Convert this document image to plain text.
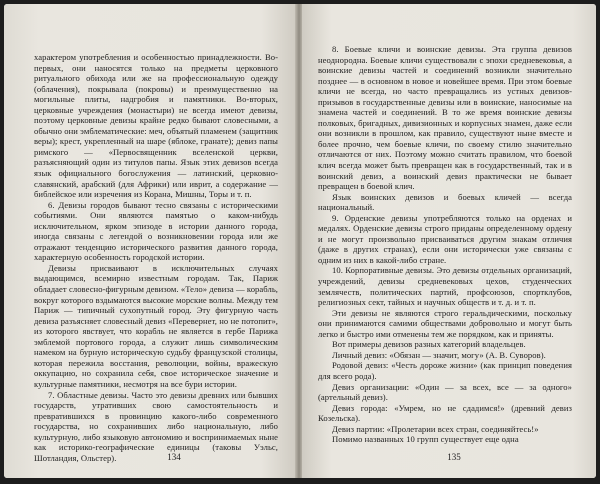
характером употребления и особенностью принадлежности. Во-первых, они наносятся только на предметы церковного ритуального обихода или же на профессиональную одежду (облачения), покрывала (покровы) и преимущественно на могильные плиты, надгробия и памятники. Во-вторых, церковные учреждения (монастыри) не всегда имеют девизы, поэтому церковные девизы крайне редко бывают словесными, а обычно они эмблематические: меч, объятый пламенем (защитник веры); крест, укрепленный на шаре (яблоке, гранате); девиз папы римского — «Первосвященник вселенской церкви, разъясняющий один из титулов папы. Язык этих девизов всегда язык официального богослужения — латинский, церковно-славянский, арабский (для Африки) или иврит, а содержание — библейское или изречения из Корана, Мишны, Торы и т. п.

6. Девизы городов бывают тесно связаны с историческими событиями. Они являются памятью о каком-нибудь исключительном, ярком эпизоде в истории данного города, иногда связаны с легендой о возникновении города или же отражают тенденцию исторического развития данного города, характерную особенность городской истории.

Девизы присваивают в исключительных случаях выдающимся, всемирно известным городам. Так, Париж обладает словесно-фигурным девизом. «Тело» девиза — корабль, вокруг которого вздымаются высокие морские волны. Между тем Париж — типичный сухопутный город. Эту фигурную часть девиза разъясняет словесный девиз «Перевернет, но не потопит», из которого явствует, что корабль не является в гербе Парижа эмблемой портового города, а служит лишь символическим намеком на бурную историческую судьбу французской столицы, которая пережила восстания, революции, войны, вражескую оккупацию, но сохранила себя, свое историческое значение и культурные памятники, несмотря на все бури истории.

7. Областные девизы. Часто это девизы древних или бывших государств, утративших свою самостоятельность и превратившихся в провинцию какого-либо современного государства, но сохранивших либо национальную, либо культурную, либо языковую автономию и воспринимаемых ныне как историко-географические единицы (таковы Уэльс, Шотландия, Ольстер).	134

8. Боевые кличи и воинские девизы. Эта группа девизов неоднородна. Боевые кличи существовали с эпохи средневековья, а воинские девизы частей и соединений возникли значительно позднее — в основном в новое и новейшее время. При этом боевые кличи не всегда, но часто превращались из устных девизов-призывов в государственные девизы или в воинские, наносимые на знамена частей и соединений. В то же время воинские девизы полковых, бригадных, дивизионных и корпусных знамен, даже если они возникли в прошлом, как правило, существуют ныне вместе и более прочно, чем боевые кличи, по своему стилю значительно отличаются от них. Поэтому можно считать правилом, что боевой клич всегда может быть превращен как в государственный, так и в воинский девиз, а воинский девиз практически не бывает превращен в боевой клич.

Язык воинских девизов и боевых кличей — всегда национальный.

9. Орденские девизы употребляются только на орденах и медалях. Орденские девизы строго приданы определенному ордену и не могут произвольно присваиваться другим знакам отличия (даже в других странах), если они исторически уже связаны с одним из них в какой-либо стране.

10. Корпоративные девизы. Это девизы отдельных организаций, учреждений, девизы средневековых цехов, студенческих землячеств, политических партий, профсоюзов, спортклубов, религиозных сект, тайных и научных обществ и т. д. и т. п.

Эти девизы не являются строго геральдическими, поскольку они принимаются самими обществами добровольно и могут быть легко и быстро ими отменены тем же порядком, как и приняты.

Вот примеры девизов разных категорий владельцев.

Личный девиз: «Обязан — значит, могу» (А. В. Суворов).

Родовой девиз: «Честь дороже жизни» (как принцип поведения для всего рода).

Девиз организации: «Один — за всех, все — за одного» (артельный девиз).

Девиз города: «Умрем, но не сдадимся!» (древний девиз Козельска).

Девиз партии: «Пролетарии всех стран, соединяйтесь!»

Помимо названных 10 групп существует еще одна

135
